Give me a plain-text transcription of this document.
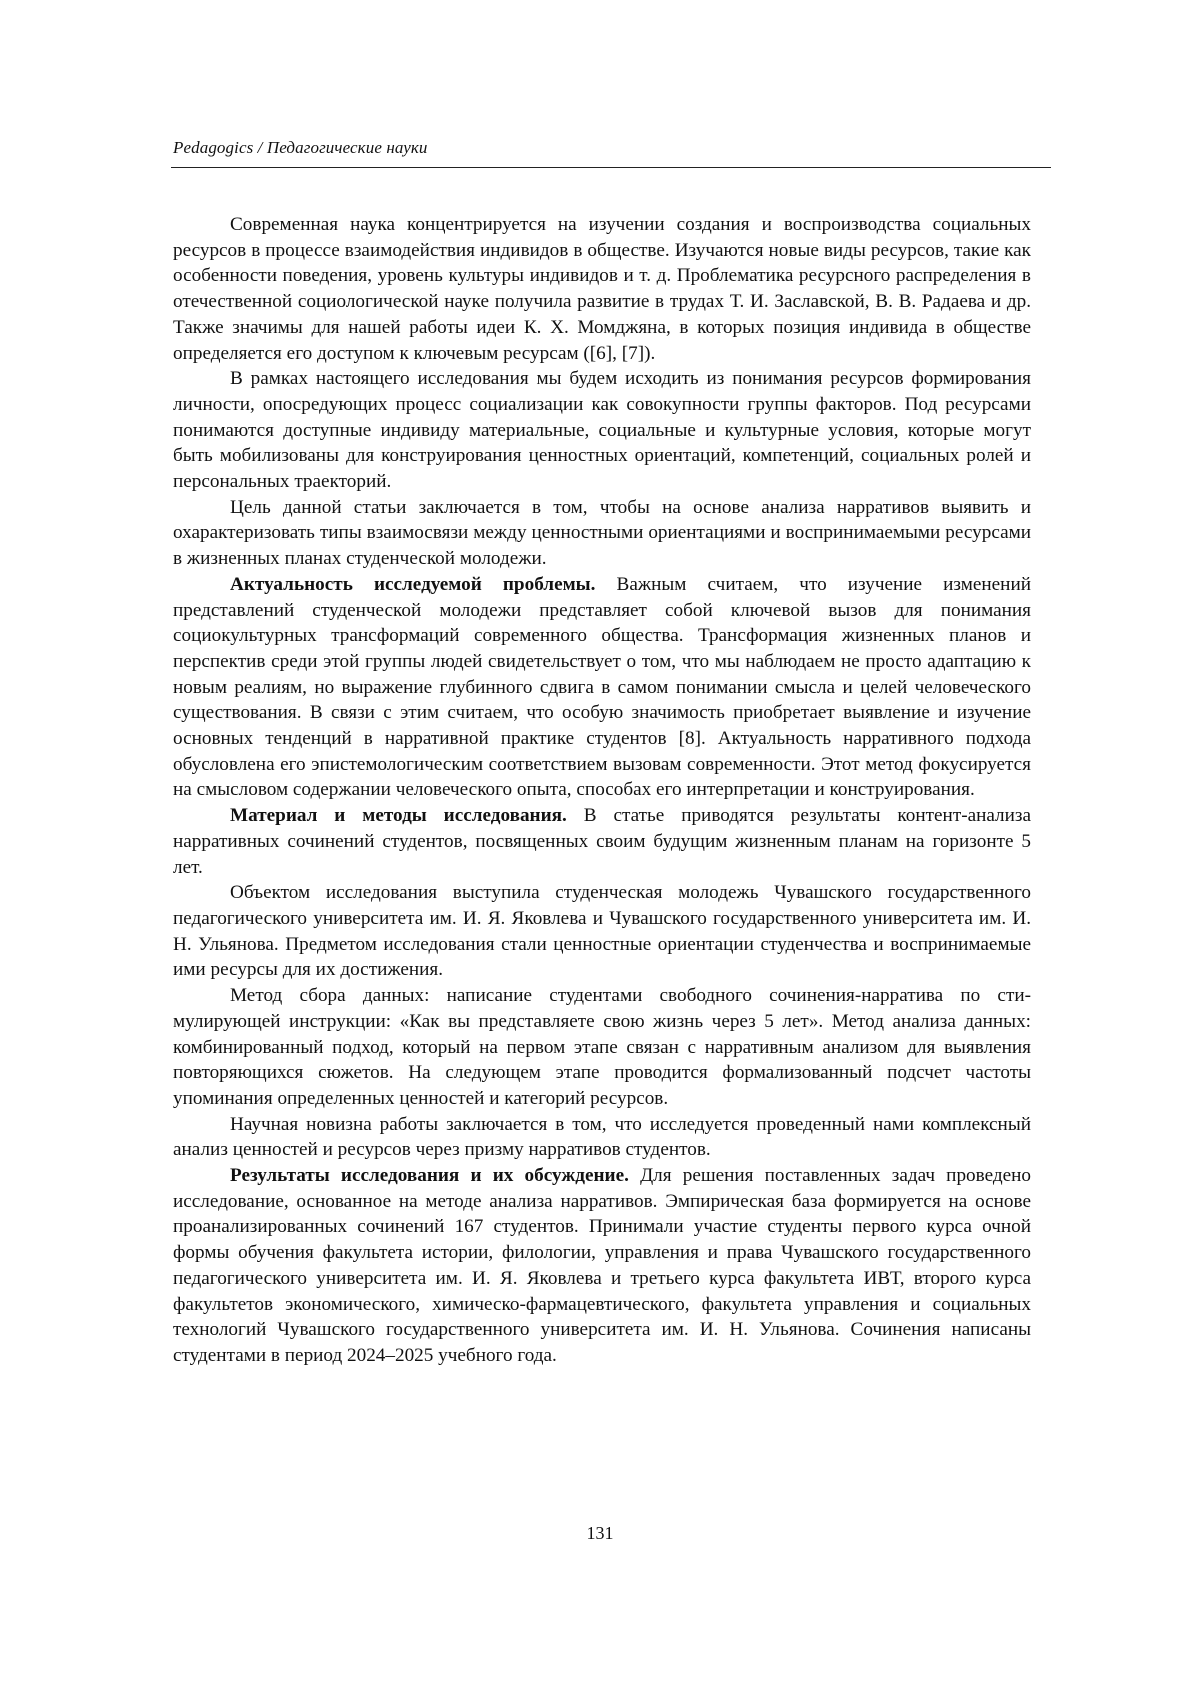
Pedagogics / Педагогические науки

Современная наука концентрируется на изучении создания и воспроизводства социальных ресурсов в процессе взаимодействия индивидов в обществе. Изучаются новые виды ресурсов, такие как особенности поведения, уровень культуры индивидов и т. д. Проблематика ресурсного распределения в отечественной социологической науке получила развитие в трудах Т. И. Заславской, В. В. Радаева и др. Также значимы для нашей работы идеи К. Х. Момджяна, в которых позиция индивида в обществе определяется его доступом к ключевым ресурсам ([6], [7]).

В рамках настоящего исследования мы будем исходить из понимания ресурсов формирования личности, опосредующих процесс социализации как совокупности группы факторов. Под ресурсами понимаются доступные индивиду материальные, социальные и культурные условия, которые могут быть мобилизованы для конструирования ценностных ориентаций, компетенций, социальных ролей и персональных траекторий.

Цель данной статьи заключается в том, чтобы на основе анализа нарративов выявить и охарактеризовать типы взаимосвязи между ценностными ориентациями и воспринимаемыми ресурсами в жизненных планах студенческой молодежи.

Актуальность исследуемой проблемы. Важным считаем, что изучение изменений представлений студенческой молодежи представляет собой ключевой вызов для понимания социокультурных трансформаций современного общества. Трансформация жизненных планов и перспектив среди этой группы людей свидетельствует о том, что мы наблюдаем не просто адаптацию к новым реалиям, но выражение глубинного сдвига в самом понимании смысла и целей человеческого существования. В связи с этим считаем, что особую значимость приобретает выявление и изучение основных тенденций в нарративной практике студентов [8]. Актуальность нарративного подхода обусловлена его эпистемологическим соответствием вызовам современности. Этот метод фокусируется на смысловом содержании человеческого опыта, способах его интерпретации и конструирования.

Материал и методы исследования. В статье приводятся результаты контент-анализа нарративных сочинений студентов, посвященных своим будущим жизненным планам на горизонте 5 лет.

Объектом исследования выступила студенческая молодежь Чувашского государственного педагогического университета им. И. Я. Яковлева и Чувашского государственного университета им. И. Н. Ульянова. Предметом исследования стали ценностные ориентации студенчества и воспринимаемые ими ресурсы для их достижения.

Метод сбора данных: написание студентами свободного сочинения-нарратива по стимулирующей инструкции: «Как вы представляете свою жизнь через 5 лет». Метод анализа данных: комбинированный подход, который на первом этапе связан с нарративным анализом для выявления повторяющихся сюжетов. На следующем этапе проводится формализованный подсчет частоты упоминания определенных ценностей и категорий ресурсов.

Научная новизна работы заключается в том, что исследуется проведенный нами комплексный анализ ценностей и ресурсов через призму нарративов студентов.

Результаты исследования и их обсуждение. Для решения поставленных задач проведено исследование, основанное на методе анализа нарративов. Эмпирическая база формируется на основе проанализированных сочинений 167 студентов. Принимали участие студенты первого курса очной формы обучения факультета истории, филологии, управления и права Чувашского государственного педагогического университета им. И. Я. Яковлева и третьего курса факультета ИВТ, второго курса факультетов экономического, химическо-фармацевтического, факультета управления и социальных технологий Чувашского государственного университета им. И. Н. Ульянова. Сочинения написаны студентами в период 2024–2025 учебного года.

131
